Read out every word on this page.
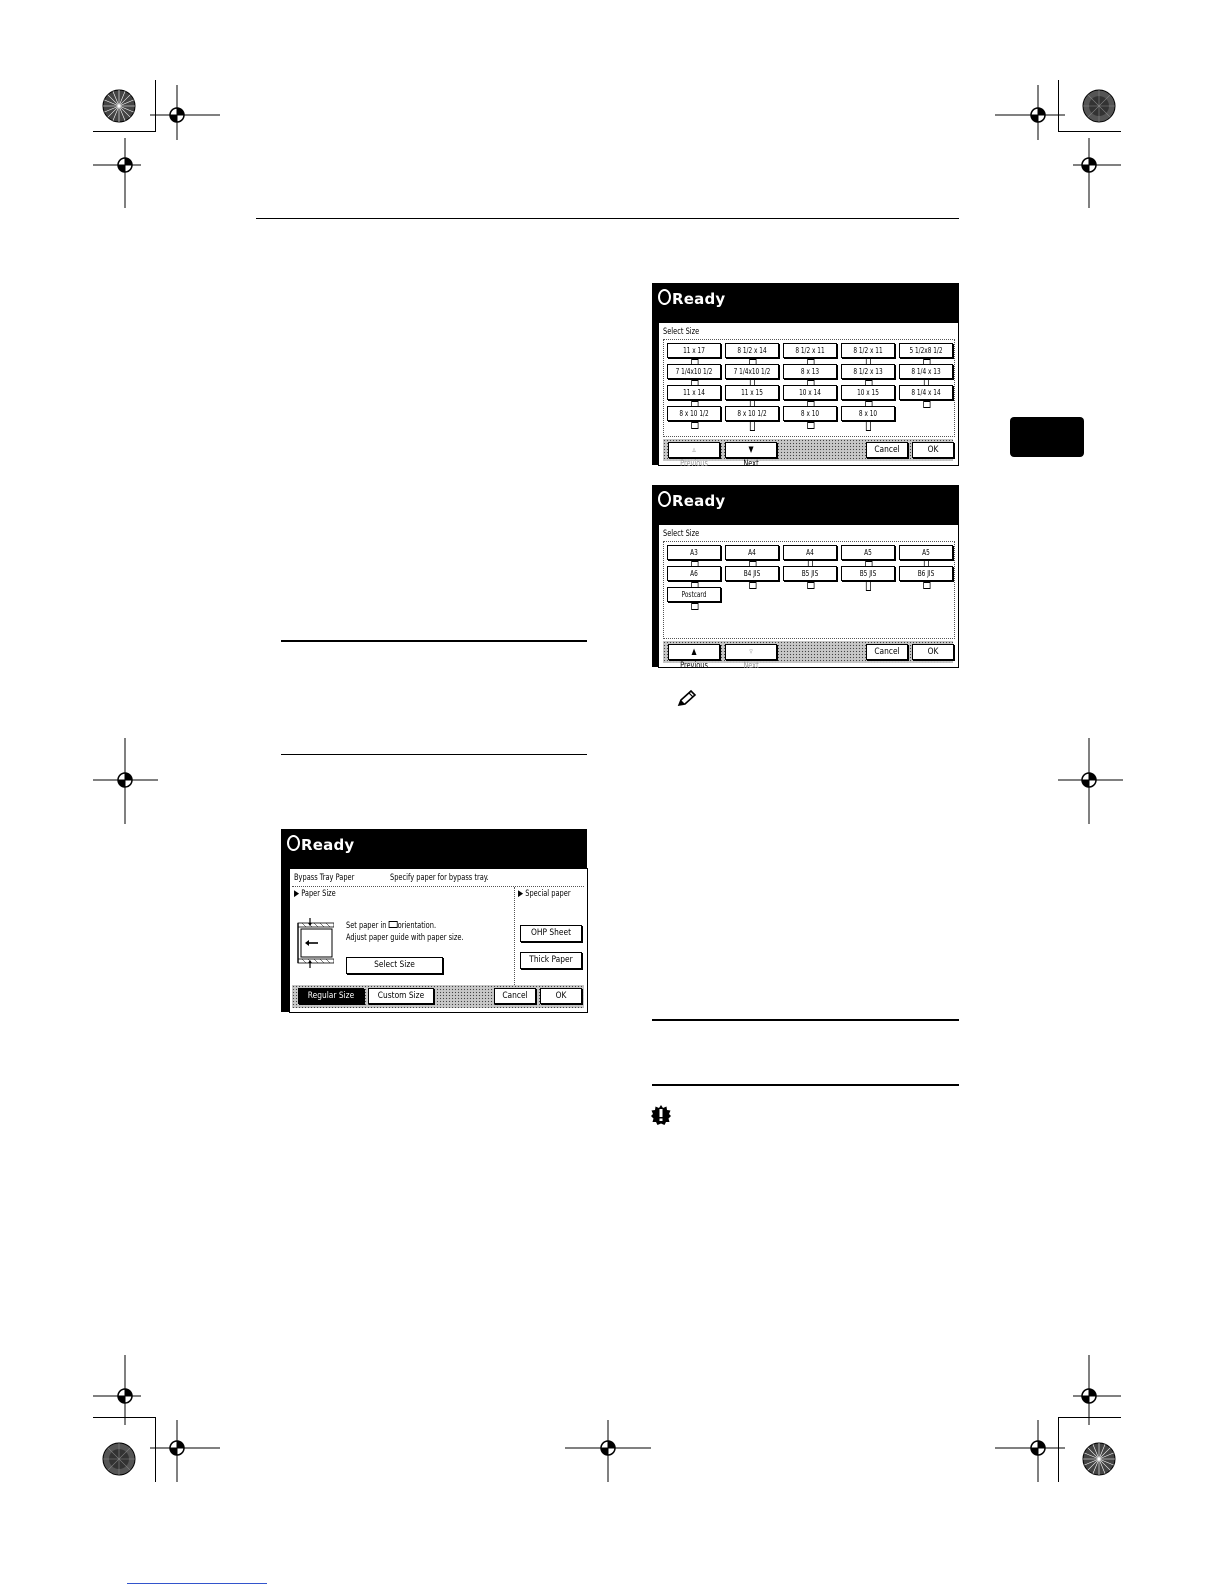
Ready
Select Size
▵
Previous
▼
Next
Cancel	OK
11 x 17	8 1/2 x 14	8 1/2 x 11	8 1/2 x 11	5 1/2x8 1/2
7 1/4x10 1/2	7 1/4x10 1/2	8 x 13	8 1/2 x 13	8 1/4 x 13
11 x 14	11 x 15	10 x 14	10 x 15	8 1/4 x 14
8 x 10 1/2	8 x 10 1/2	8 x 10	8 x 10
Ready
Select Size
▲
Previous
▿
Next
Cancel	OK
A3	A4	A4	A5	A5
A6	B4 JIS	B5 JIS	B5 JIS	B6 JIS
Postcard
Ready
Bypass Tray Paper	Specify paper for bypass tray.
▶ Paper Size	▶ Special paper
Set paper in orientation.
Adjust paper guide with paper size.
Select Size
OHP Sheet
Thick Paper
Regular Size	Custom Size	Cancel	OK
